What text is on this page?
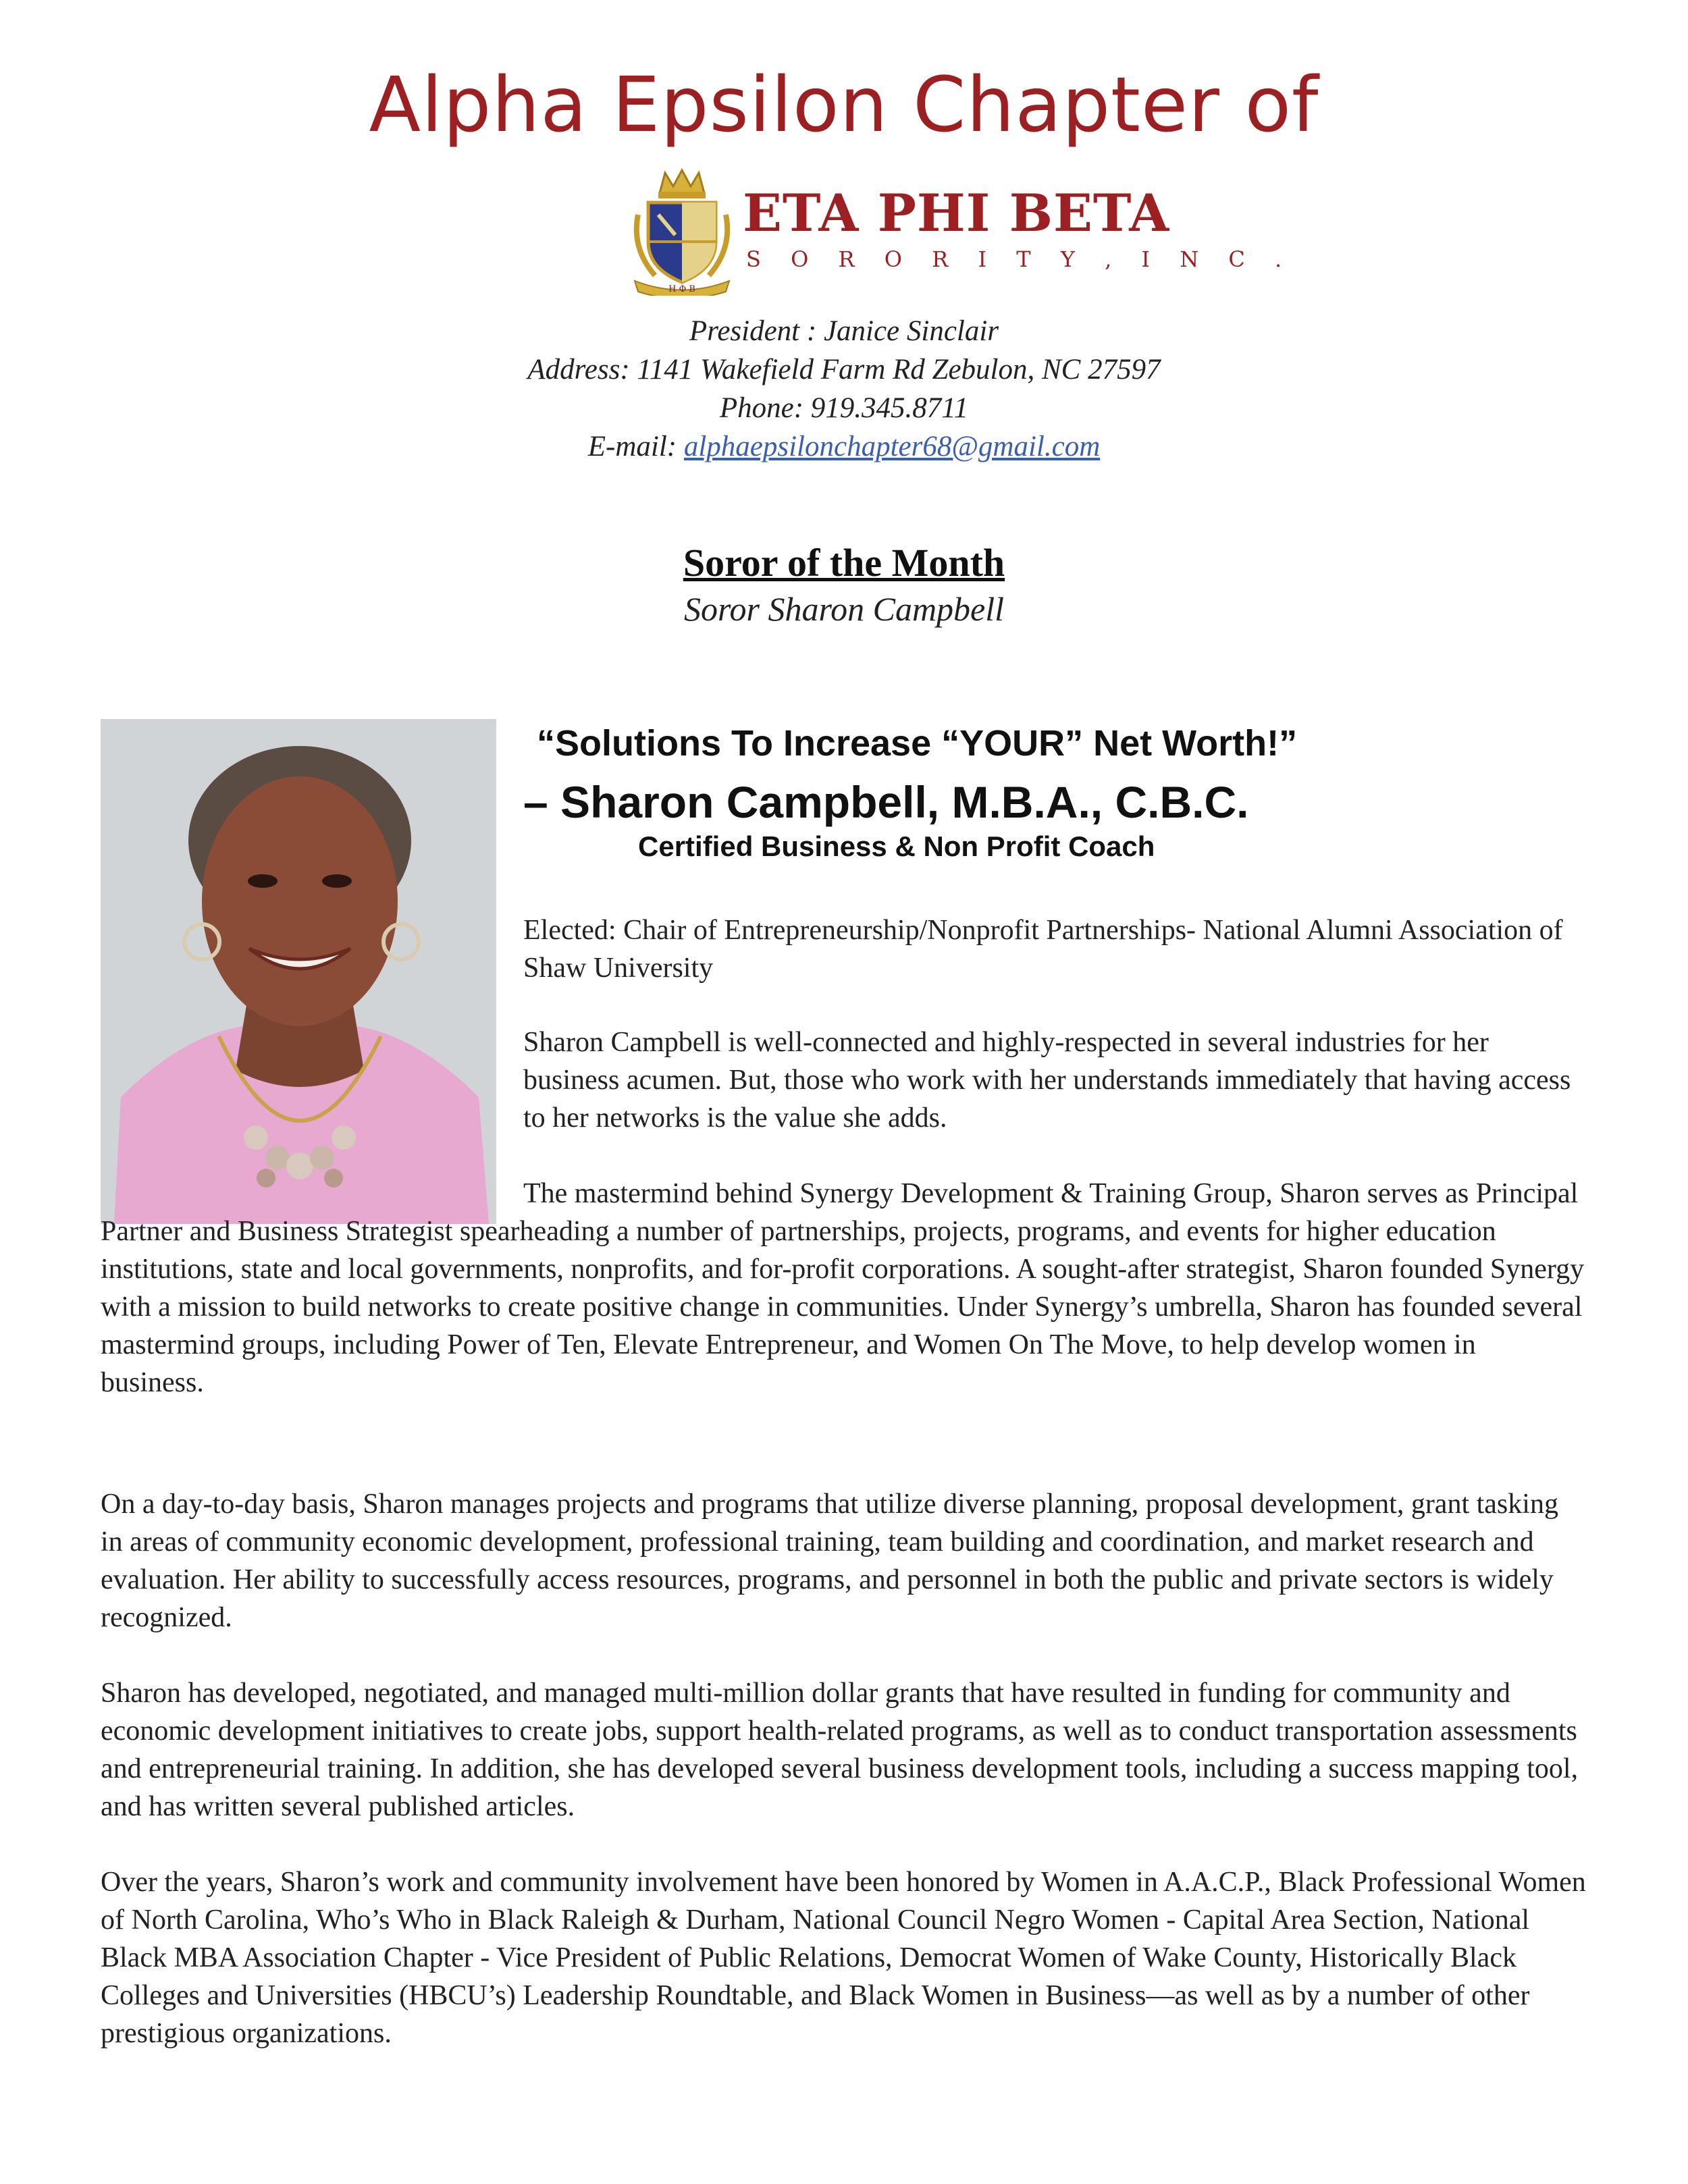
Alpha Epsilon Chapter of
H Φ B
ETA PHI BETA
S O R O R I T Y , I N C .
President : Janice Sinclair
Address: 1141 Wakefield Farm Rd Zebulon, NC 27597
Phone: 919.345.8711
E-mail: alphaepsilonchapter68@gmail.com
Soror of the Month
Soror Sharon Campbell
“Solutions To Increase “YOUR” Net Worth!”
– Sharon Campbell, M.B.A., C.B.C.
Certified Business & Non Profit Coach
Elected: Chair of Entrepreneurship/Nonprofit Partnerships- National Alumni Association of Shaw University
Sharon Campbell is well-connected and highly-respected in several industries for her business acumen. But, those who work with her understands immediately that having access to her networks is the value she adds.
The mastermind behind Synergy Development & Training Group, Sharon serves as Principal Partner and Business Strategist spearheading a number of partnerships, projects, programs, and events for higher education institutions, state and local governments, nonprofits, and for-profit corporations. A sought-after strategist, Sharon founded Synergy with a mission to build networks to create positive change in communities. Under Synergy’s umbrella, Sharon has founded several mastermind groups, including Power of Ten, Elevate Entrepreneur, and Women On The Move, to help develop women in business.
On a day-to-day basis, Sharon manages projects and programs that utilize diverse planning, proposal development, grant tasking in areas of community economic development, professional training, team building and coordination, and market research and evaluation. Her ability to successfully access resources, programs, and personnel in both the public and private sectors is widely recognized.
Sharon has developed, negotiated, and managed multi-million dollar grants that have resulted in funding for community and economic development initiatives to create jobs, support health-related programs, as well as to conduct transportation assessments and entrepreneurial training. In addition, she has developed several business development tools, including a success mapping tool, and has written several published articles.
Over the years, Sharon’s work and community involvement have been honored by Women in A.A.C.P., Black Professional Women of North Carolina, Who’s Who in Black Raleigh & Durham, National Council Negro Women - Capital Area Section, National Black MBA Association Chapter - Vice President of Public Relations, Democrat Women of Wake County, Historically Black Colleges and Universities (HBCU’s) Leadership Roundtable, and Black Women in Business—as well as by a number of other prestigious organizations.
